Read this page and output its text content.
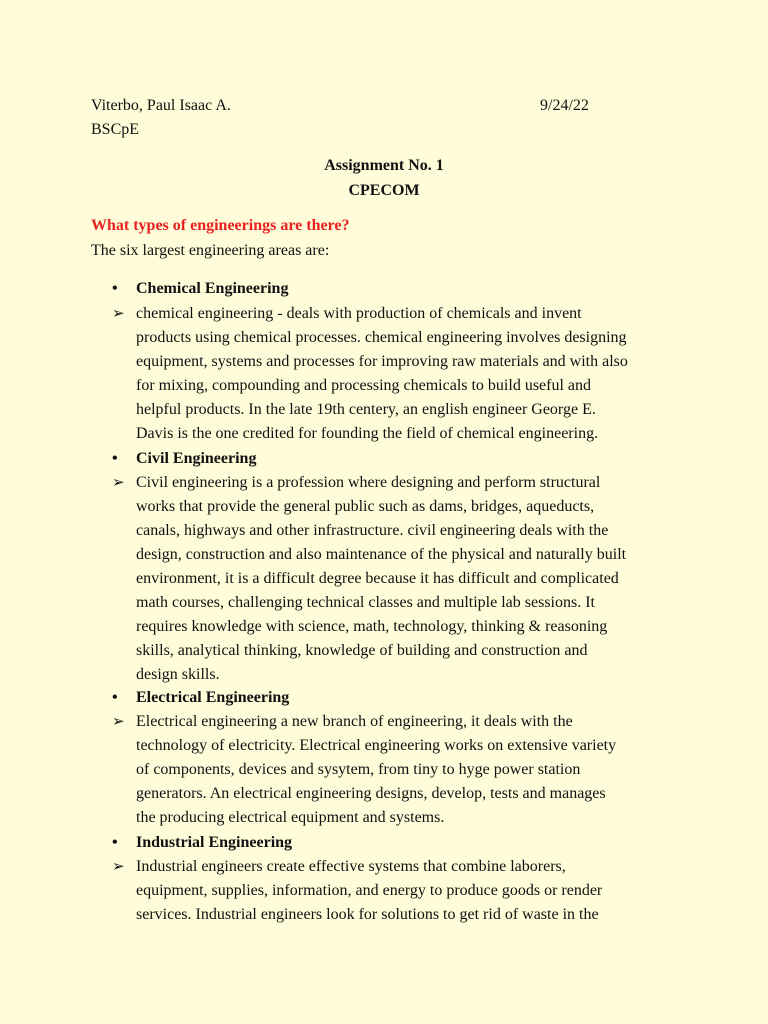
Viterbo, Paul Isaac A.	9/24/22
BSCpE
Assignment No. 1
CPECOM
What types of engineerings are there?
The six largest engineering areas are:
•	Chemical Engineering
➢ chemical engineering - deals with production of chemicals and invent
products using chemical processes. chemical engineering involves designing
equipment, systems and processes for improving raw materials and with also
for mixing, compounding and processing chemicals to build useful and
helpful products. In the late 19th centery, an english engineer George E.
Davis is the one credited for founding the field of chemical engineering.
•	Civil Engineering
➢ Civil engineering is a profession where designing and perform structural
works that provide the general public such as dams, bridges, aqueducts,
canals, highways and other infrastructure. civil engineering deals with the
design, construction and also maintenance of the physical and naturally built
environment, it is a difficult degree because it has difficult and complicated
math courses, challenging technical classes and multiple lab sessions. It
requires knowledge with science, math, technology, thinking & reasoning
skills, analytical thinking, knowledge of building and construction and
design skills.
•	Electrical Engineering
➢ Electrical engineering a new branch of engineering, it deals with the
technology of electricity. Electrical engineering works on extensive variety
of components, devices and sysytem, from tiny to hyge power station
generators. An electrical engineering designs, develop, tests and manages
the producing electrical equipment and systems.
•	Industrial Engineering
➢ Industrial engineers create effective systems that combine laborers,
equipment, supplies, information, and energy to produce goods or render
services. Industrial engineers look for solutions to get rid of waste in the
